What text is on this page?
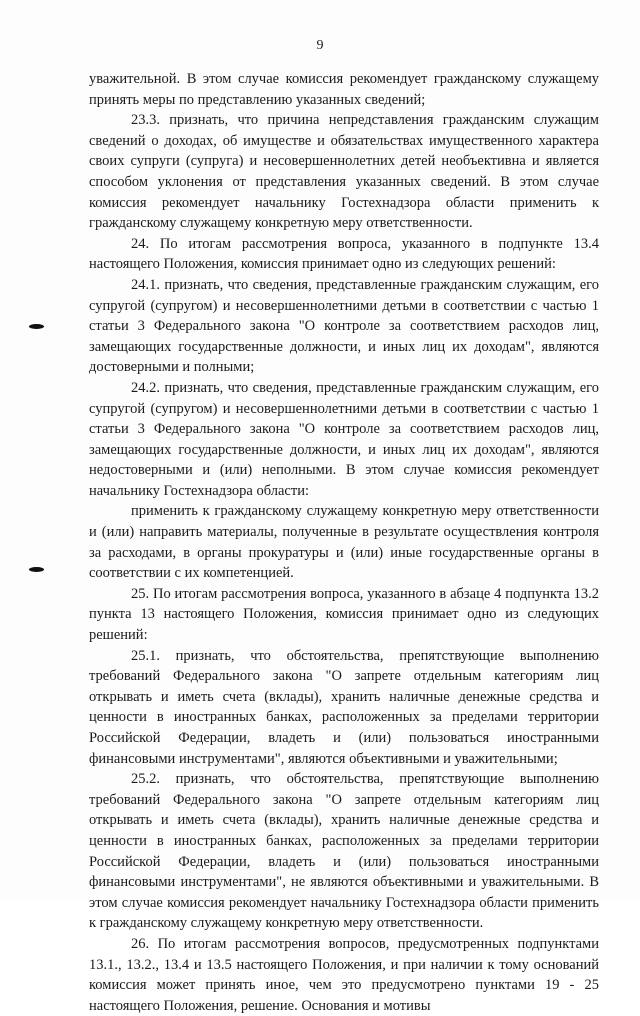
9

уважительной. В этом случае комиссия рекомендует гражданскому служащему принять меры по представлению указанных сведений;

23.3. признать, что причина непредставления гражданским служащим сведений о доходах, об имуществе и обязательствах имущественного характера своих супруги (супруга) и несовершеннолетних детей необъективна и является способом уклонения от представления указанных сведений. В этом случае комиссия рекомендует начальнику Гостехнадзора области применить к гражданскому служащему конкретную меру ответственности.

24. По итогам рассмотрения вопроса, указанного в подпункте 13.4 настоящего Положения, комиссия принимает одно из следующих решений:

24.1. признать, что сведения, представленные гражданским служащим, его супругой (супругом) и несовершеннолетними детьми в соответствии с частью 1 статьи 3 Федерального закона "О контроле за соответствием расходов лиц, замещающих государственные должности, и иных лиц их доходам", являются достоверными и полными;

24.2. признать, что сведения, представленные гражданским служащим, его супругой (супругом) и несовершеннолетними детьми в соответствии с частью 1 статьи 3 Федерального закона "О контроле за соответствием расходов лиц, замещающих государственные должности, и иных лиц их доходам", являются недостоверными и (или) неполными. В этом случае комиссия рекомендует начальнику Гостехнадзора области:

применить к гражданскому служащему конкретную меру ответственности и (или) направить материалы, полученные в результате осуществления контроля за расходами, в органы прокуратуры и (или) иные государственные органы в соответствии с их компетенцией.

25. По итогам рассмотрения вопроса, указанного в абзаце 4 подпункта 13.2 пункта 13 настоящего Положения, комиссия принимает одно из следующих решений:

25.1. признать, что обстоятельства, препятствующие выполнению требований Федерального закона "О запрете отдельным категориям лиц открывать и иметь счета (вклады), хранить наличные денежные средства и ценности в иностранных банках, расположенных за пределами территории Российской Федерации, владеть и (или) пользоваться иностранными финансовыми инструментами", являются объективными и уважительными;

25.2. признать, что обстоятельства, препятствующие выполнению требований Федерального закона "О запрете отдельным категориям лиц открывать и иметь счета (вклады), хранить наличные денежные средства и ценности в иностранных банках, расположенных за пределами территории Российской Федерации, владеть и (или) пользоваться иностранными финансовыми инструментами", не являются объективными и уважительными. В этом случае комиссия рекомендует начальнику Гостехнадзора области применить к гражданскому служащему конкретную меру ответственности.

26. По итогам рассмотрения вопросов, предусмотренных подпунктами 13.1., 13.2., 13.4 и 13.5 настоящего Положения, и при наличии к тому оснований комиссия может принять иное, чем это предусмотрено пунктами 19 - 25 настоящего Положения, решение. Основания и мотивы
